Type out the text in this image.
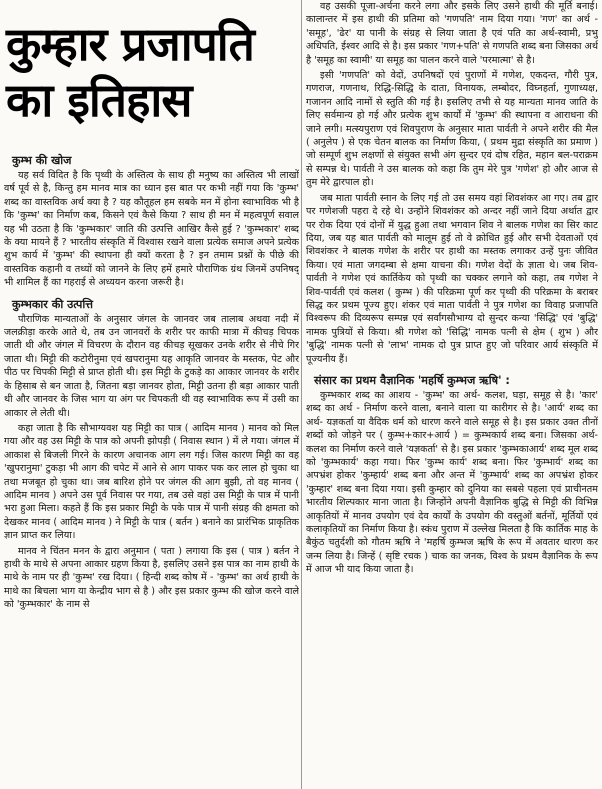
कुम्हार प्रजापति
का इतिहास
कुम्भ की खोज

यह सर्व विदित है कि पृथ्वी के अस्तित्व के साथ ही मनुष्य का अस्तित्व भी लाखों वर्ष पूर्व से है, किन्तु हम मानव मात्र का ध्यान इस बात पर कभी नहीं गया कि 'कुम्भ' शब्द का वास्तविक अर्थ क्या है ? यह कौतूहल हम सबके मन में होना स्वाभाविक भी है कि 'कुम्भ' का निर्माण कब, किसने एवं कैसे किया ? साथ ही मन में महत्वपूर्ण सवाल यह भी उठता है कि 'कुम्भकार' जाति की उत्पत्ति आखिर कैसे हुई ? 'कुम्भकार' शब्द के क्या मायने हैं ? भारतीय संस्कृति में विश्वास रखने वाला प्रत्येक समाज अपने प्रत्येक शुभ कार्य में 'कुम्भ' की स्थापना ही क्यों करता है ? इन तमाम प्रश्नों के पीछे की वास्तविक कहानी व तथ्यों को जानने के लिए हमें हमारे पौराणिक ग्रंथ जिनमें उपनिषद् भी शामिल हैं का गहराई से अध्ययन करना जरूरी है।

कुम्भकार की उत्पत्ति

पौराणिक मान्यताओं के अनुसार जंगल के जानवर जब तालाब अथवा नदी में जलक्रीड़ा करके आते थे, तब उन जानवरों के शरीर पर काफी मात्रा में कीचड़ चिपक जाती थी और जंगल में विचरण के दौरान वह कीचड़ सूखकर उनके शरीर से नीचे गिर जाता थी। मिट्टी की कटोरीनुमा एवं खपरानुमा यह आकृति जानवर के मस्तक, पेट और पीठ पर चिपकी मिट्टी से प्राप्त होती थी। इस मिट्टी के टुकड़े का आकार जानवर के शरीर के हिसाब से बन जाता है, जितना बड़ा जानवर होता, मिट्टी उतना ही बड़ा आकार पाती थी और जानवर के जिस भाग या अंग पर चिपकती थी वह स्वाभाविक रूप में उसी का आकार ले लेती थी।

कहा जाता है कि सौभाग्यवश यह मिट्टी का पात्र ( आदिम मानव ) मानव को मिल गया और वह उस मिट्टी के पात्र को अपनी झोपड़ी ( निवास स्थान ) में ले गया। जंगल में आकाश से बिजली गिरने के कारण अचानक आग लग गई। जिस कारण मिट्टी का वह 'खुपरानुमा' टुकड़ा भी आग की चपेट में आने से आग पाकर पक कर लाल हो चुका था तथा मजबूत हो चुका था। जब बारिश होने पर जंगल की आग बुझी, तो वह मानव ( आदिम मानव ) अपने उस पूर्व निवास पर गया, तब उसे वहां उस मिट्टी के पात्र में पानी भरा हुआ मिला। कहते हैं कि इस प्रकार मिट्टी के पके पात्र में पानी संग्रह की क्षमता को देखकर मानव ( आदिम मानव ) ने मिट्टी के पात्र ( बर्तन ) बनाने का प्रारंभिक प्राकृतिक ज्ञान प्राप्त कर लिया।

मानव ने चिंतन मनन के द्वारा अनुमान ( पता ) लगाया कि इस ( पात्र ) बर्तन ने हाथी के माथे से अपना आकार ग्रहण किया है, इसलिए उसने इस पात्र का नाम हाथी के माथे के नाम पर ही 'कुम्भ' रख दिया। ( हिन्दी शब्द कोष में - 'कुम्भ' का अर्थ हाथी के माथे का बिचला भाग या केन्द्रीय भाग से है ) और इस प्रकार कुम्भ की खोज करने वाले को 'कुम्भकार' के नाम से

वह उसकी पूजा-अर्चना करने लगा और इसके लिए उसने हाथी की मूर्ति बनाई। कालान्तर में इस हाथी की प्रतिमा को 'गणपति' नाम दिया गया। 'गण' का अर्थ - 'समूह', 'ढेर' या पानी के संग्रह से लिया जाता है एवं पति का अर्थ-स्वामी, प्रभु अधिपति, ईश्वर आदि से है। इस प्रकार 'गण+पति' से गणपति शब्द बना जिसका अर्थ है 'समूह का स्वामी' या समूह का पालन करने वाले 'परमात्मा' से है।

इसी 'गणपति' को वेदों, उपनिषदों एवं पुराणों में गणेश, एकदन्त, गौरी पुत्र, गणराज, गणनाथ, रिद्धि-सिद्धि के दाता, विनायक, लम्बोदर, विघ्नहर्ता, गुणाध्यक्ष, गजानन आदि नामों से स्तुति की गई है। इसलिए तभी से यह मान्यता मानव जाति के लिए सर्वमान्य हो गई और प्रत्येक शुभ कार्यों में 'कुम्भ' की स्थापना व आराधना की जाने लगी। मत्स्यपुराण एवं शिवपुराण के अनुसार माता पार्वती ने अपने शरीर की मैल ( अनुलेप ) से एक चेतन बालक का निर्माण किया, ( प्रथम मुद्रा संस्कृति का प्रमाण ) जो सम्पूर्ण शुभ लक्षणों से संयुक्त सभी अंग सुन्दर एवं दोष रहित, महान बल-पराक्रम से सम्पन्न थे। पार्वती ने उस बालक को कहा कि तुम मेरे पुत्र 'गणेश' हो और आज से तुम मेरे द्वारपाल हो।

जब माता पार्वती स्नान के लिए गई तो उस समय वहां शिवशंकर आ गए। तब द्वार पर गणेशजी पहरा दे रहे थे। उन्होंने शिवशंकर को अन्दर नहीं जाने दिया अर्थात द्वार पर रोक दिया एवं दोनों में युद्ध हुआ तथा भगवान शिव ने बालक गणेश का सिर काट दिया, जब यह बात पार्वती को मालूम हुई तो वे क्रोधित हुई और सभी देवताओं एवं शिवशंकर ने बालक गणेश के शरीर पर हाथी का मस्तक लगाकर उन्हें पुनः जीवित किया। एवं माता जगदम्बा से क्षमा याचना की। गणेश वेदों के ज्ञाता थे। जब शिव-पार्वती ने गणेश एवं कार्तिकेय को पृथ्वी का चक्कर लगाने को कहा, तब गणेश ने शिव-पार्वती एवं कलश ( कुम्भ ) की परिक्रमा पूर्ण कर पृथ्वी की परिक्रमा के बराबर सिद्ध कर प्रथम पूज्य हुए। शंकर एवं माता पार्वती ने पुत्र गणेश का विवाह प्रजापति विश्वरूप की दिव्यरूप सम्पन्न एवं सर्वांगसौभाग्य दो सुन्दर कन्या 'सिद्धि' एवं 'बुद्धि' नामक पुत्रियों से किया। श्री गणेश को 'सिद्धि' नामक पत्नी से क्षेम ( शुभ ) और 'बुद्धि' नामक पत्नी से 'लाभ' नामक दो पुत्र प्राप्त हुए जो परिवार आर्य संस्कृति में पूज्यनीय हैं।

संसार का प्रथम वैज्ञानिक 'महर्षि कुम्भज ऋषि' :

कुम्भकार शब्द का आशय - 'कुम्भ' का अर्थ- कलश, घड़ा, समूह से है। 'कार' शब्द का अर्थ - निर्माण करने वाला, बनाने वाला या कारीगर से है। 'आर्य' शब्द का अर्थ- यज्ञकर्ता या वैदिक धर्म को धारण करने वाले समूह से है। इस प्रकार उक्त तीनों शब्दों को जोड़ने पर ( कुम्भ+कार+आर्य ) = कुम्भकार्य शब्द बना। जिसका अर्थ- कलश का निर्माण करने वाले 'यज्ञकर्ता' से है। इस प्रकार 'कुम्भकाआर्य' शब्द मूल शब्द को 'कुम्भकार्य' कहा गया। फिर 'कुम्भ कार्य' शब्द बना। फिर 'कुम्भार्य' शब्द का अपभ्रंश होकर 'कुम्हार्य' शब्द बना और अन्त में 'कुम्भार्य' शब्द का अपभ्रंश होकर 'कुम्हार' शब्द बना दिया गया। इसी कुम्हार को दुनिया का सबसे पहला एवं प्राचीनतम भारतीय शिल्पकार माना जाता है। जिन्होंने अपनी वैज्ञानिक बुद्धि से मिट्टी की विभिन्न आकृतियों में मानव उपयोग एवं देव कार्यों के उपयोग की वस्तुओं बर्तनों, मूर्तियों एवं कलाकृतियों का निर्माण किया है। स्कंध पुराण में उल्लेख मिलता है कि कार्तिक माह के बैकुंठ चतुर्दशी को गौतम ऋषि ने 'महर्षि कुम्भज ऋषि के रूप में अवतार धारण कर जन्म लिया है। जिन्हें ( सृष्टि रचक ) चाक का जनक, विश्व के प्रथम वैज्ञानिक के रूप में आज भी याद किया जाता है।
